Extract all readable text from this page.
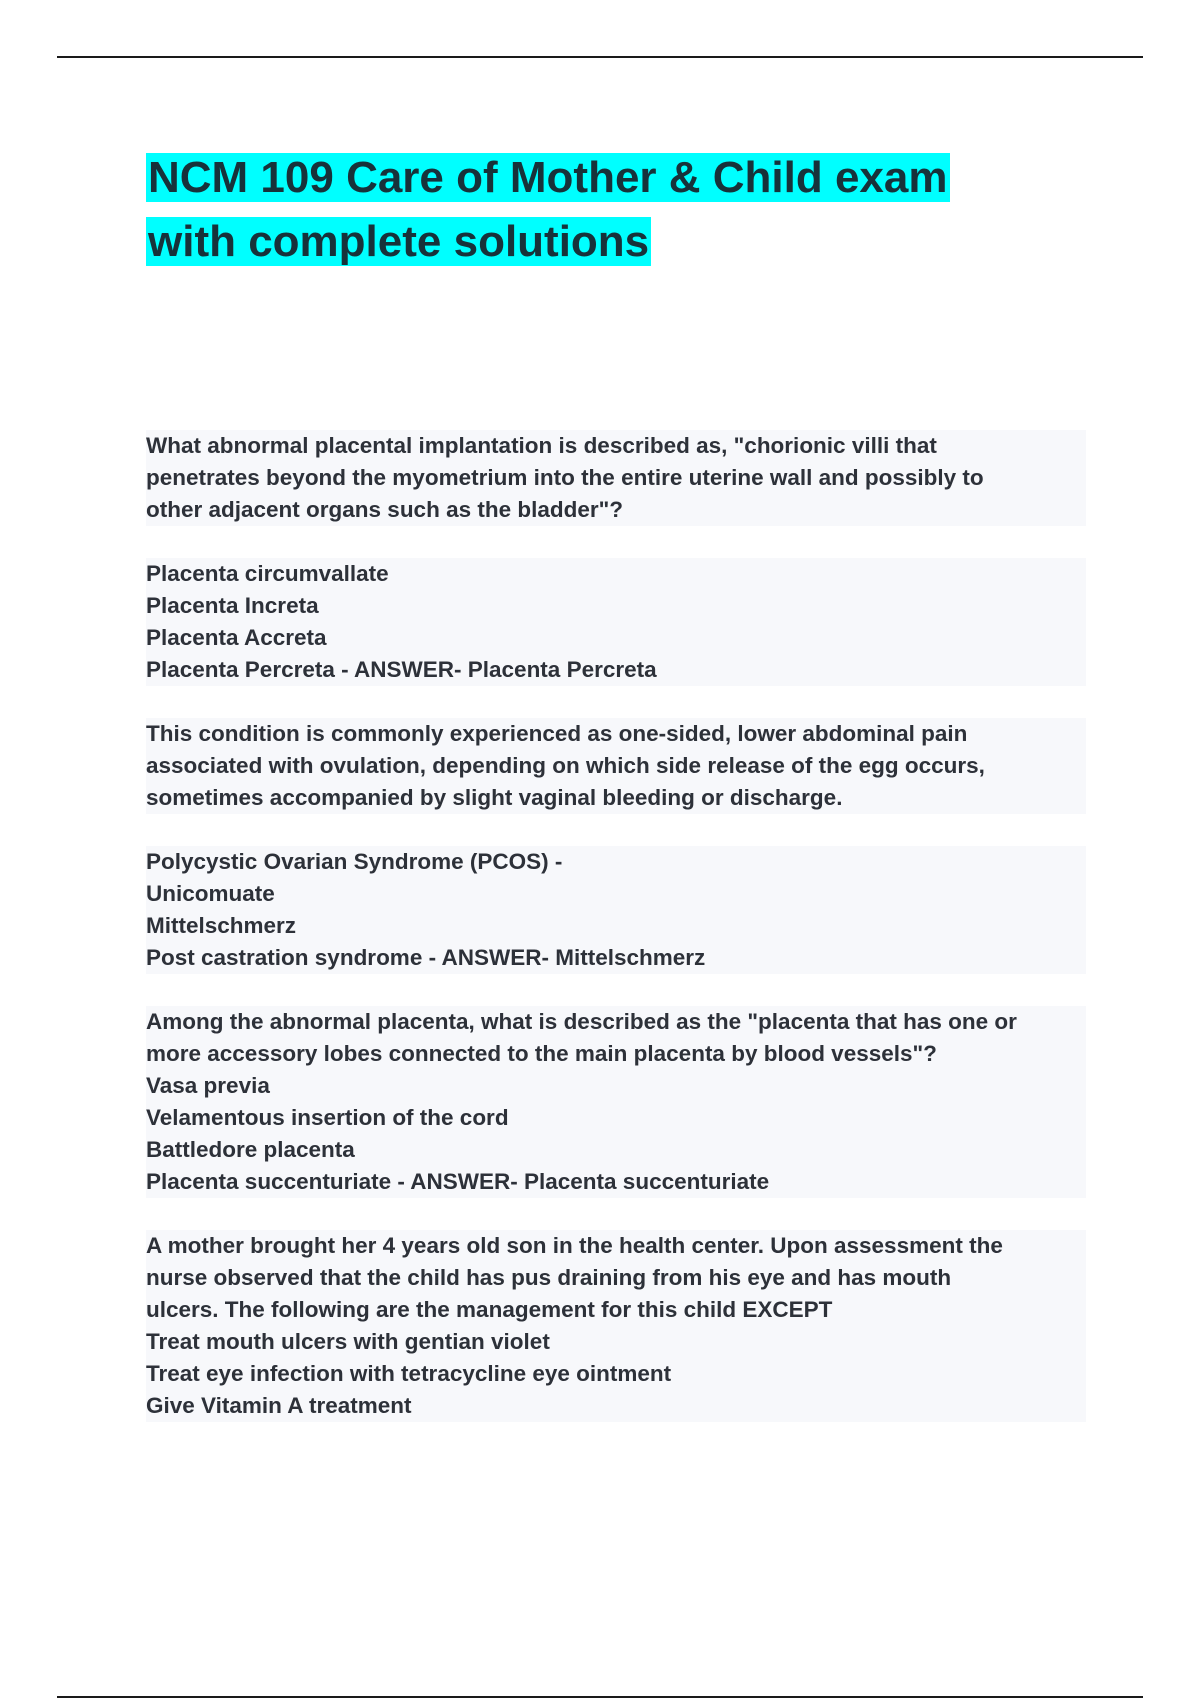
NCM 109 Care of Mother & Child exam
with complete solutions
What abnormal placental implantation is described as, "chorionic villi that
penetrates beyond the myometrium into the entire uterine wall and possibly to
other adjacent organs such as the bladder"?
Placenta circumvallate
Placenta Increta
Placenta Accreta
Placenta Percreta - ANSWER- Placenta Percreta
This condition is commonly experienced as one-sided, lower abdominal pain
associated with ovulation, depending on which side release of the egg occurs,
sometimes accompanied by slight vaginal bleeding or discharge.
Polycystic Ovarian Syndrome (PCOS) -
Unicomuate
Mittelschmerz
Post castration syndrome - ANSWER- Mittelschmerz
Among the abnormal placenta, what is described as the "placenta that has one or
more accessory lobes connected to the main placenta by blood vessels"?
Vasa previa
Velamentous insertion of the cord
Battledore placenta
Placenta succenturiate - ANSWER- Placenta succenturiate
A mother brought her 4 years old son in the health center. Upon assessment the
nurse observed that the child has pus draining from his eye and has mouth
ulcers. The following are the management for this child EXCEPT
Treat mouth ulcers with gentian violet
Treat eye infection with tetracycline eye ointment
Give Vitamin A treatment
